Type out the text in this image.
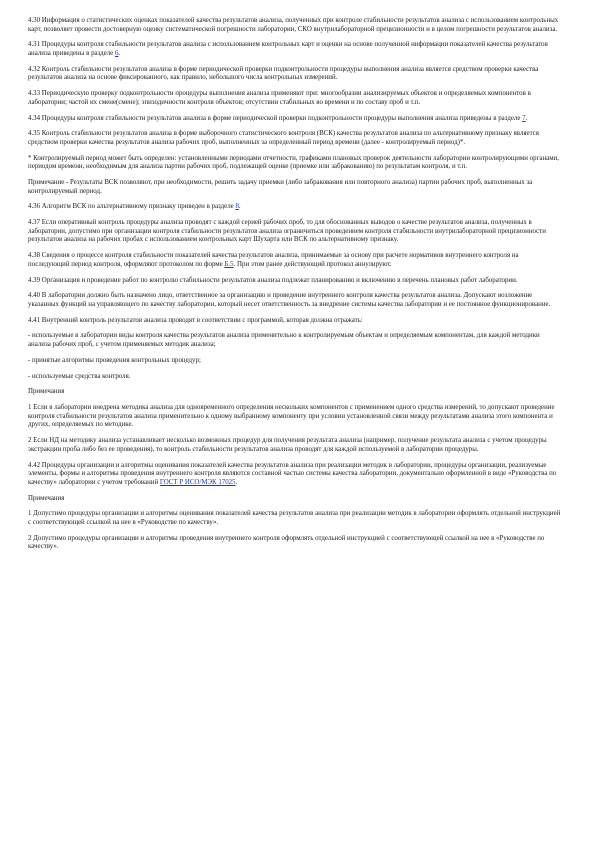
4.30 Информация о статистических оценках показателей качества результатов анализа, полученных при контроле стабильности результатов анализа с использованием контрольных карт, позволяет провести достоверную оценку систематической погрешности лаборатории, СКО внутрилабораторной прецизионности и в целом погрешности результатов анализа.

4.31 Процедуры контроля стабильности результатов анализа с использованием контрольных карт и оценки на основе полученной информации показателей качества результатов анализа приведены в разделе 6.

4.32 Контроль стабильности результатов анализа в форме периодической проверки подконтрольности процедуры выполнения анализа является средством проверки качества результатов анализа на основе фиксированного, как правило, небольшого числа контрольных измерений.

4.33 Периодическую проверку подконтрольности процедуры выполнения анализа применяют при: многообразии анализируемых объектов и определяемых компонентов в лаборатории; частой их смене(смене); эпизодичности контроля объектов; отсутствии стабильных во времени и по составу проб и т.п.

4.34 Процедуры контроля стабильности результатов анализа в форме периодической проверки подконтрольности процедуры выполнения анализа приведены в разделе 7.

4.35 Контроль стабильности результатов анализа в форме выборочного статистического контроля (ВСК) качества результатов анализа по альтернативному признаку является средством проверки качества результатов анализа рабочих проб, выполненных за определенный период времени (далее - контролируемый период)*.

* Контролируемый период может быть определен: установленными периодами отчетности, графиками плановых проверок деятельности лаборатории контролирующими органами, периодом времени, необходимым для анализа партии рабочих проб, подлежащей оценке (приемке или забракованию) по результатам контроля, и т.п.

Примечание - Результаты ВСК позволяют, при необходимости, решить задачу приемки (либо забракования или повторного анализа) партии рабочих проб, выполненных за контролируемый период.

4.36 Алгоритм ВСК по альтернативному признаку приведен в разделе 8.

4.37 Если оперативный контроль процедуры анализа проводят с каждой серией рабочих проб, то для обоснованных выводов о качестве результатов анализа, полученных в лаборатории, допустимо при организации контроля стабильности результатов анализа ограничиться проведением контроля стабильности внутрилабораторной прецизионности результатов анализа на рабочих пробах с использованием контрольных карт Шухарта или ВСК по альтернативному признаку.

4.38 Сведения о процессе контроля стабильности показателей качества результатов анализа, принимаемые за основу при расчете нормативов внутреннего контроля на последующий период контроля, оформляют протоколом по форме Б.5. При этом ранее действующий протокол аннулируют.

4.39 Организация и проведение работ по контролю стабильности результатов анализа подлежат планированию и включению в перечень плановых работ лаборатории.

4.40 В лаборатории должно быть назначено лицо, ответственное за организацию и проведение внутреннего контроля качества результатов анализа. Допускают возложение указанных функций на управляющего по качеству лаборатории, который несет ответственность за внедрение системы качества лаборатории и ее постоянное функционирование.

4.41 Внутренний контроль результатов анализа проводят в соответствии с программой, которая должна отражать:

- используемые в лаборатории виды контроля качества результатов анализа применительно к контролируемым объектам и определяемым компонентам, для каждой методики анализа рабочих проб, с учетом применяемых методик анализа;

- принятые алгоритмы проведения контрольных процедур;

- используемые средства контроля.

Примечания

1 Если в лаборатории внедрена методика анализа для одновременного определения нескольких компонентов с применением одного средства измерений, то допускают проведение контроля стабильности результатов анализа применительно к одному выбранному компоненту при условии установленной связи между результатами анализа этого компонента и других, определяемых по методике.

2 Если НД на методику анализа устанавливает несколько возможных процедур для получения результата анализа (например, получение результата анализа с учетом процедуры экстракции проба либо без ее проведения), то контроль стабильности результатов анализа проводят для каждой используемой в лаборатории процедуры.

4.42 Процедуры организации и алгоритмы оценивания показателей качества результатов анализа при реализации методик в лаборатории, процедуры организации, реализуемые элементы, формы и алгоритмы проведения внутреннего контроля являются составной частью системы качества лаборатории, документально оформленной в виде «Руководства по качеству» лаборатории с учетом требований ГОСТ Р ИСО/МЭК 17025.

Примечания

1 Допустимо процедуры организации и алгоритмы оценивания показателей качества результатов анализа при реализации методик в лаборатории оформлять отдельной инструкцией с соответствующей ссылкой на нее в «Руководстве по качеству».

2 Допустимо процедуры организации и алгоритмы проведения внутреннего контроля оформлять отдельной инструкцией с соответствующей ссылкой на нее в «Руководстве по качеству».
